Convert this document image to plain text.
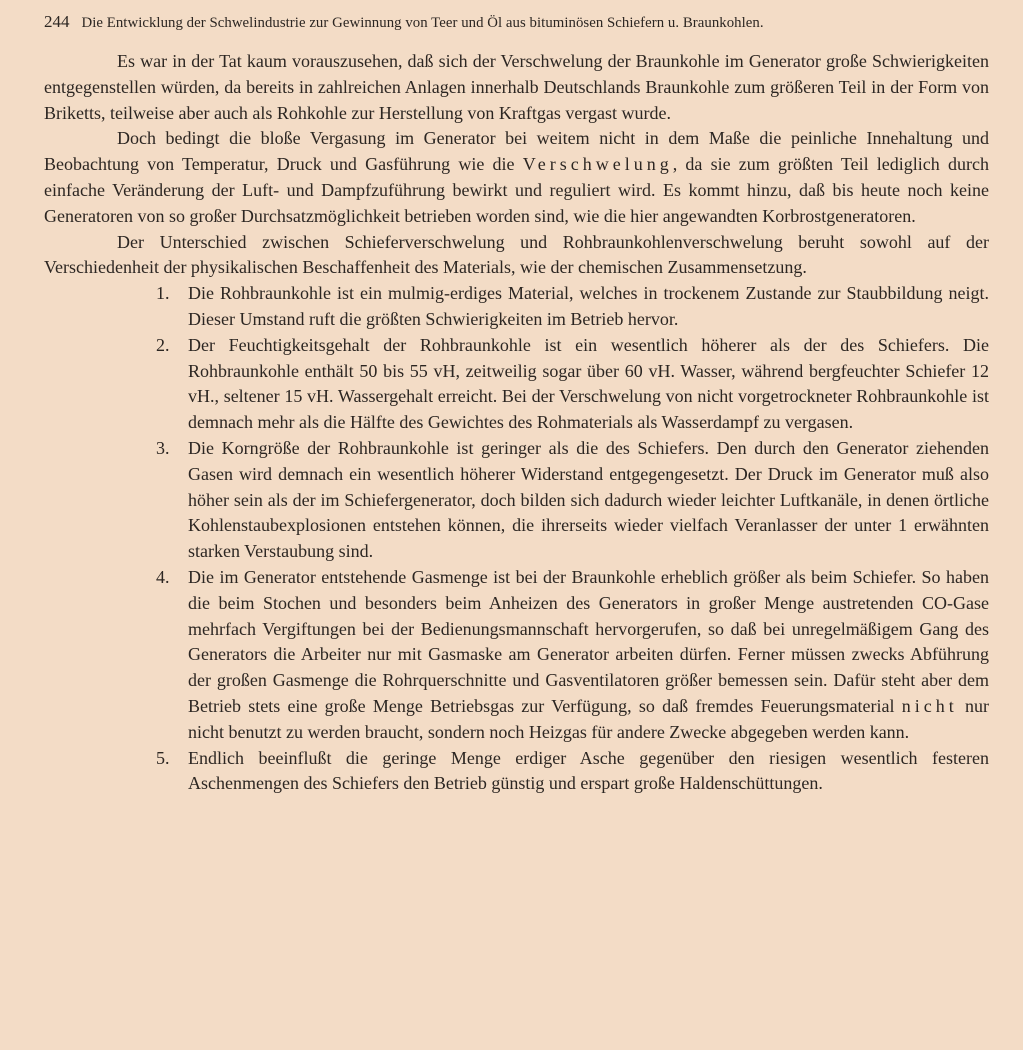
244 Die Entwicklung der Schwelindustrie zur Gewinnung von Teer und Öl aus bituminösen Schiefern u. Braunkohlen.

Es war in der Tat kaum vorauszusehen, daß sich der Verschwelung der Braunkohle im Generator große Schwierigkeiten entgegenstellen würden, da bereits in zahlreichen Anlagen innerhalb Deutschlands Braunkohle zum größeren Teil in der Form von Briketts, teilweise aber auch als Rohkohle zur Herstellung von Kraftgas vergast wurde.

Doch bedingt die bloße Vergasung im Generator bei weitem nicht in dem Maße die peinliche Innehaltung und Beobachtung von Temperatur, Druck und Gasführung wie die Verschwelung, da sie zum größten Teil lediglich durch einfache Veränderung der Luft- und Dampfzuführung bewirkt und reguliert wird. Es kommt hinzu, daß bis heute noch keine Generatoren von so großer Durchsatzmöglichkeit betrieben worden sind, wie die hier angewandten Korbrostgeneratoren.

Der Unterschied zwischen Schieferverschwelung und Rohbraunkohlenverschwelung beruht sowohl auf der Verschiedenheit der physikalischen Beschaffenheit des Materials, wie der chemischen Zusammensetzung.

1.	Die Rohbraunkohle ist ein mulmig-erdiges Material, welches in trockenem Zustande zur Staubbildung neigt. Dieser Umstand ruft die größten Schwierigkeiten im Betrieb hervor.
2.	Der Feuchtigkeitsgehalt der Rohbraunkohle ist ein wesentlich höherer als der des Schiefers. Die Rohbraunkohle enthält 50 bis 55 vH, zeitweilig sogar über 60 vH. Wasser, während bergfeuchter Schiefer 12 vH., seltener 15 vH. Wassergehalt erreicht. Bei der Verschwelung von nicht vorgetrockneter Rohbraunkohle ist demnach mehr als die Hälfte des Gewichtes des Rohmaterials als Wasserdampf zu vergasen.
3.	Die Korngröße der Rohbraunkohle ist geringer als die des Schiefers. Den durch den Generator ziehenden Gasen wird demnach ein wesentlich höherer Widerstand entgegengesetzt. Der Druck im Generator muß also höher sein als der im Schiefergenerator, doch bilden sich dadurch wieder leichter Luftkanäle, in denen örtliche Kohlenstaubexplosionen entstehen können, die ihrerseits wieder vielfach Veranlasser der unter 1 erwähnten starken Verstaubung sind.
4.	Die im Generator entstehende Gasmenge ist bei der Braunkohle erheblich größer als beim Schiefer. So haben die beim Stochen und besonders beim Anheizen des Generators in großer Menge austretenden CO-Gase mehrfach Vergiftungen bei der Bedienungsmannschaft hervorgerufen, so daß bei unregelmäßigem Gang des Generators die Arbeiter nur mit Gasmaske am Generator arbeiten dürfen. Ferner müssen zwecks Abführung der großen Gasmenge die Rohrquerschnitte und Gasventilatoren größer bemessen sein. Dafür steht aber dem Betrieb stets eine große Menge Betriebsgas zur Verfügung, so daß fremdes Feuerungsmaterial nicht nur nicht benutzt zu werden braucht, sondern noch Heizgas für andere Zwecke abgegeben werden kann.
5.	Endlich beeinflußt die geringe Menge erdiger Asche gegenüber den riesigen wesentlich festeren Aschenmengen des Schiefers den Betrieb günstig und erspart große Haldenschüttungen.
